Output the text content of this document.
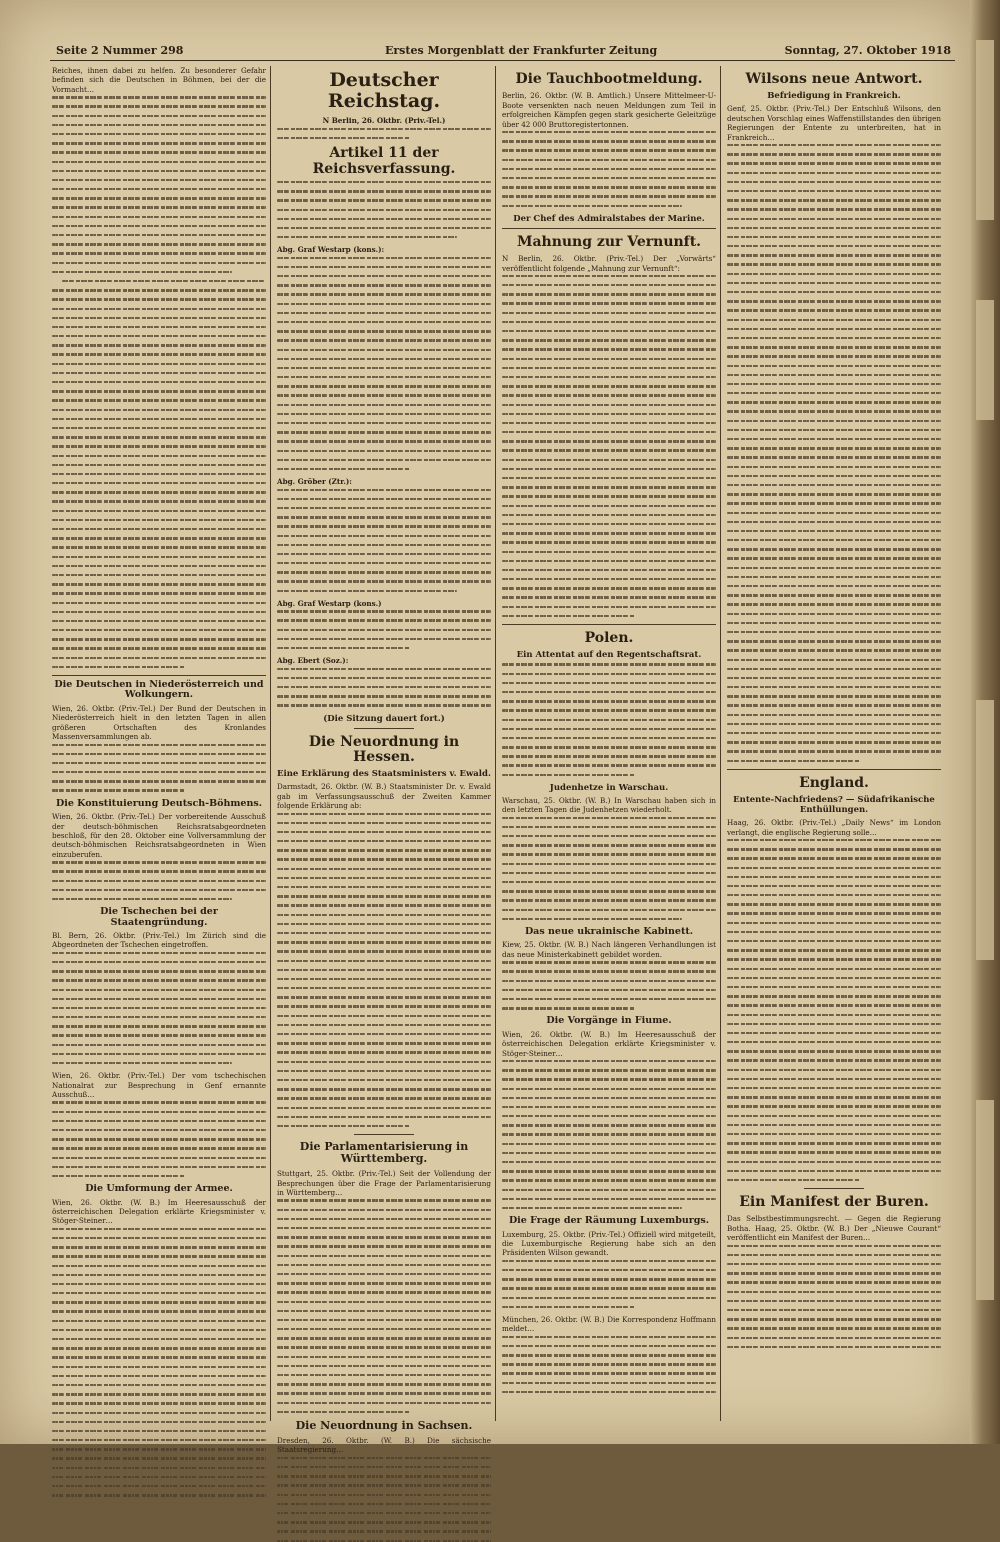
Seite 2 Nummer 298	Erstes Morgenblatt der Frankfurter Zeitung	Sonntag, 27. Oktober 1918

Reiches, ihnen dabei zu helfen. Zu besonderer Gefahr befinden sich die Deutschen in Böhmen, bei der die Vormacht…

Die Deutschen in Niederösterreich und Wolkungern.

Wien, 26. Oktbr. (Priv.-Tel.) Der Bund der Deutschen in Niederösterreich hielt in den letzten Tagen in allen größeren Ortschaften des Kronlandes Massenversammlungen ab.

Die Konstituierung Deutsch-Böhmens.

Wien, 26. Oktbr. (Priv.-Tel.) Der vorbereitende Ausschuß der deutsch-böhmischen Reichsratsabgeordneten beschloß, für den 28. Oktober eine Vollversammlung der deutsch-böhmischen Reichsratsabgeordneten in Wien einzuberufen.

Die Tschechen bei der Staatengründung.

Bl. Bern, 26. Oktbr. (Priv.-Tel.) Im Zürich sind die Abgeordneten der Tschechen eingetroffen.

Wien, 26. Oktbr. (Priv.-Tel.) Der vom tschechischen Nationalrat zur Besprechung in Genf ernannte Ausschuß…

Die Umformung der Armee.

Wien, 26. Oktbr. (W. B.) Im Heeresausschuß der österreichischen Delegation erklärte Kriegsminister v. Stöger-Steiner…

Deutscher Reichstag.
N Berlin, 26. Oktbr. (Priv.-Tel.)
Artikel 11 der Reichsverfassung.
Abg. Graf Westarp (kons.):
Abg. Gröber (Ztr.):
Abg. Graf Westarp (kons.)
Abg. Ebert (Soz.):
(Die Sitzung dauert fort.)
Die Neuordnung in Hessen.
Eine Erklärung des Staatsministers v. Ewald.

Darmstadt, 26. Oktbr. (W. B.) Staatsminister Dr. v. Ewald gab im Verfassungsausschuß der Zweiten Kammer folgende Erklärung ab:

Die Parlamentarisierung in Württemberg.

Stuttgart, 25. Oktbr. (Priv.-Tel.) Seit der Vollendung der Besprechungen über die Frage der Parlamentarisierung in Württemberg…

Die Neuordnung in Sachsen.

Dresden, 26. Oktbr. (W. B.) Die sächsische Staatsregierung…

Die Tauchbootmeldung.

Berlin, 26. Oktbr. (W. B. Amtlich.) Unsere Mittelmeer-U-Boote versenkten nach neuen Meldungen zum Teil in erfolgreichen Kämpfen gegen stark gesicherte Geleitzüge über 42 000 Bruttoregistertonnen.

Der Chef des Admiralstabes der Marine.
Mahnung zur Vernunft.

N Berlin, 26. Oktbr. (Priv.-Tel.) Der „Vorwärts“ veröffentlicht folgende „Mahnung zur Vernunft“:

Polen.
Ein Attentat auf den Regentschaftsrat.
Judenhetze in Warschau.

Warschau, 25. Oktbr. (W. B.) In Warschau haben sich in den letzten Tagen die Judenhetzen wiederholt.

Das neue ukrainische Kabinett.

Kiew, 25. Oktbr. (W. B.) Nach längeren Verhandlungen ist das neue Ministerkabinett gebildet worden.

Die Vorgänge in Fiume.

Wien, 26. Oktbr. (W. B.) Im Heeresausschuß der österreichischen Delegation erklärte Kriegsminister v. Stöger-Steiner…

Die Frage der Räumung Luxemburgs.

Luxemburg, 25. Oktbr. (Priv.-Tel.) Offiziell wird mitgeteilt, die Luxemburgische Regierung habe sich an den Präsidenten Wilson gewandt.

München, 26. Oktbr. (W. B.) Die Korrespondenz Hoffmann meldet…

Wilsons neue Antwort.
Befriedigung in Frankreich.

Genf, 25. Oktbr. (Priv.-Tel.) Der Entschluß Wilsons, den deutschen Vorschlag eines Waffenstillstandes den übrigen Regierungen der Entente zu unterbreiten, hat in Frankreich…

England.
Entente-Nachfriedens? — Südafrikanische Enthüllungen.

Haag, 26. Oktbr. (Priv.-Tel.) „Daily News“ im London verlangt, die englische Regierung solle…

Ein Manifest der Buren.

Das Selbstbestimmungsrecht. — Gegen die Regierung Botha. Haag, 25. Oktbr. (W. B.) Der „Nieuwe Courant“ veröffentlicht ein Manifest der Buren…
